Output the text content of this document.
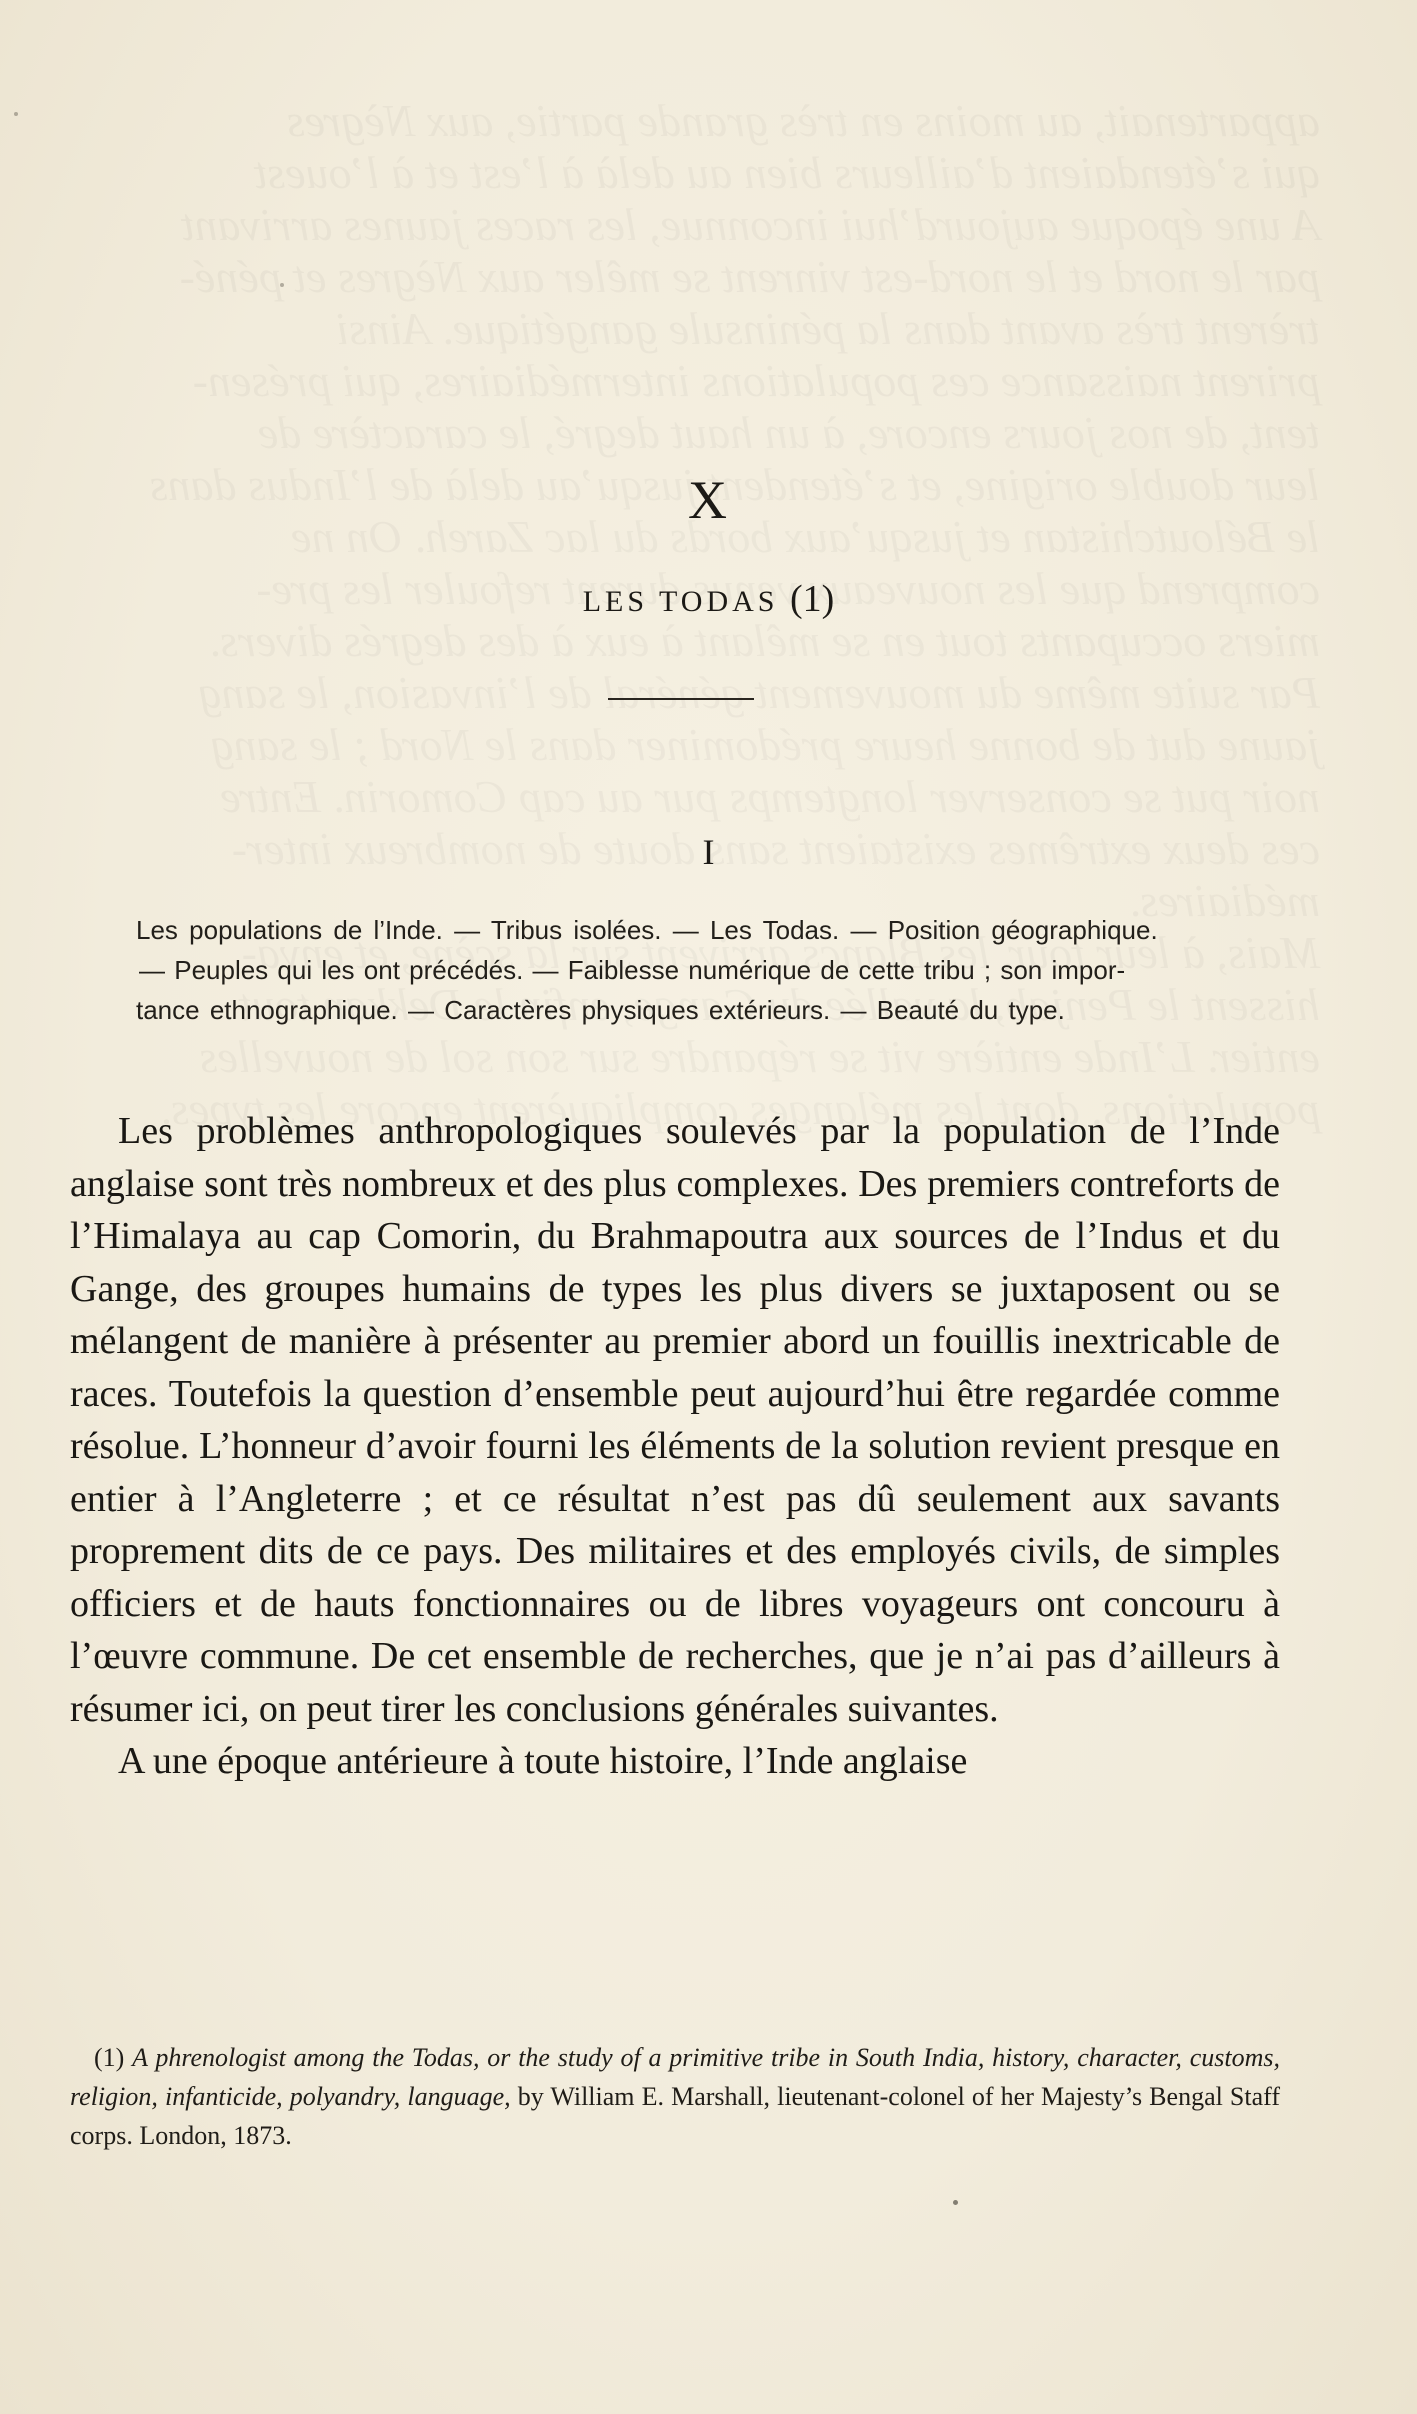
X
LES TODAS (1)
I
Les populations de l’Inde. — Tribus isolées. — Les Todas. — Position géographique.
— Peuples qui les ont précédés. — Faiblesse numérique de cette tribu ; son impor-
tance ethnographique. — Caractères physiques extérieurs. — Beauté du type.

Les problèmes anthropologiques soulevés par la population de l’Inde anglaise sont très nombreux et des plus complexes. Des premiers contreforts de l’Himalaya au cap Comorin, du Brahmapoutra aux sources de l’Indus et du Gange, des groupes humains de types les plus divers se juxtaposent ou se mélangent de manière à présenter au premier abord un fouillis inextricable de races. Toutefois la question d’ensemble peut aujourd’hui être regardée comme résolue. L’honneur d’avoir fourni les éléments de la solution revient presque en entier à l’Angleterre ; et ce résultat n’est pas dû seulement aux savants proprement dits de ce pays. Des militaires et des employés civils, de simples officiers et de hauts fonctionnaires ou de libres voyageurs ont concouru à l’œuvre commune. De cet ensemble de recherches, que je n’ai pas d’ailleurs à résumer ici, on peut tirer les conclusions générales suivantes.

A une époque antérieure à toute histoire, l’Inde anglaise

(1) A phrenologist among the Todas, or the study of a primitive tribe in South India, history, character, customs, religion, infanticide, polyandry, language, by William E. Marshall, lieutenant-colonel of her Majesty’s Bengal Staff corps. London, 1873.
